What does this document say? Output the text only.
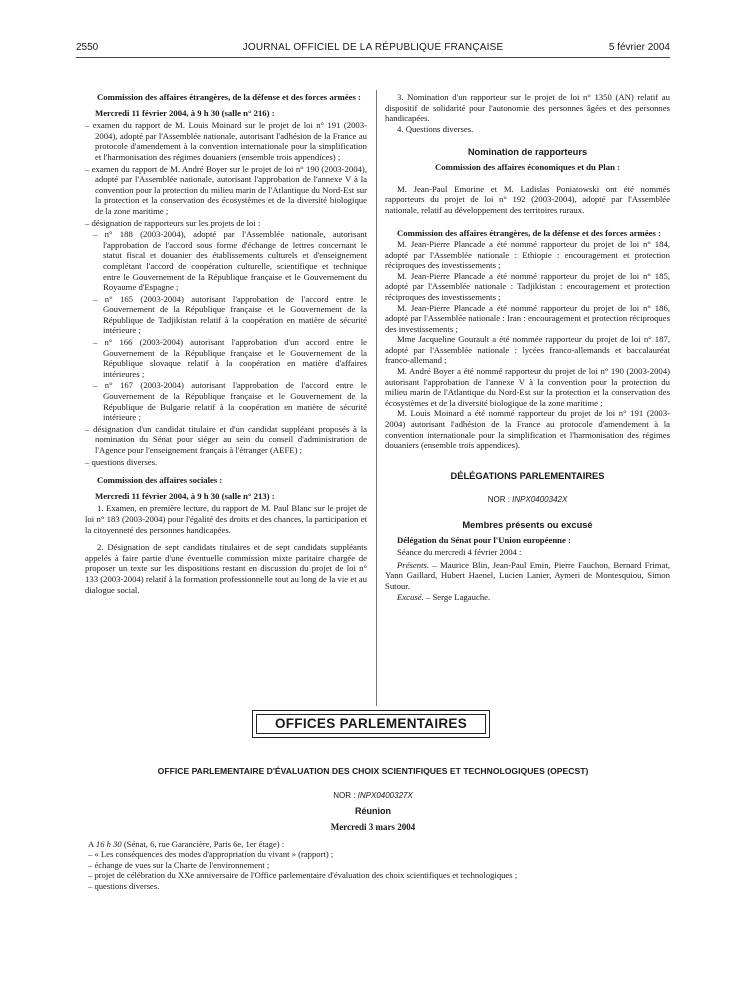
2550	JOURNAL OFFICIEL DE LA RÉPUBLIQUE FRANÇAISE	5 février 2004

Commission des affaires étrangères, de la défense et des forces armées :

Mercredi 11 février 2004, à 9 h 30 (salle n° 216) :

– examen du rapport de M. Louis Moinard sur le projet de loi n° 191 (2003-2004), adopté par l'Assemblée nationale, autorisant l'adhésion de la France au protocole d'amendement à la convention internationale pour la simplification et l'harmonisation des régimes douaniers (ensemble trois appendices) ;

– examen du rapport de M. André Boyer sur le projet de loi n° 190 (2003-2004), adopté par l'Assemblée nationale, autorisant l'approbation de l'annexe V à la convention pour la protection du milieu marin de l'Atlantique du Nord-Est sur la protection et la conservation des écosystèmes et de la diversité biologique de la zone maritime ;

– désignation de rapporteurs sur les projets de loi :

– n° 188 (2003-2004), adopté par l'Assemblée nationale, autorisant l'approbation de l'accord sous forme d'échange de lettres concernant le statut fiscal et douanier des établissements culturels et d'enseignement complétant l'accord de coopération culturelle, scientifique et technique entre le Gouvernement de la République française et le Gouvernement du Royaume d'Espagne ;

– n° 165 (2003-2004) autorisant l'approbation de l'accord entre le Gouvernement de la République française et le Gouvernement de la République de Tadjikistan relatif à la coopération en matière de sécurité intérieure ;

– n° 166 (2003-2004) autorisant l'approbation d'un accord entre le Gouvernement de la République française et le Gouvernement de la République slovaque relatif à la coopération en matière d'affaires intérieures ;

– n° 167 (2003-2004) autorisant l'approbation de l'accord entre le Gouvernement de la République française et le Gouvernement de la République de Bulgarie relatif à la coopération en matière de sécurité intérieure ;

– désignation d'un candidat titulaire et d'un candidat suppléant proposés à la nomination du Sénat pour siéger au sein du conseil d'administration de l'Agence pour l'enseignement français à l'étranger (AEFE) ;

– questions diverses.

Commission des affaires sociales :

Mercredi 11 février 2004, à 9 h 30 (salle n° 213) :

1. Examen, en première lecture, du rapport de M. Paul Blanc sur le projet de loi n° 183 (2003-2004) pour l'égalité des droits et des chances, la participation et la citoyenneté des personnes handicapées.

2. Désignation de sept candidats titulaires et de sept candidats suppléants appelés à faire partie d'une éventuelle commission mixte paritaire chargée de proposer un texte sur les dispositions restant en discussion du projet de loi n° 133 (2003-2004) relatif à la formation professionnelle tout au long de la vie et au dialogue social.

3. Nomination d'un rapporteur sur le projet de loi n° 1350 (AN) relatif au dispositif de solidarité pour l'autonomie des personnes âgées et des personnes handicapées.

4. Questions diverses.

Nomination de rapporteurs

Commission des affaires économiques et du Plan :

M. Jean-Paul Emorine et M. Ladislas Poniatowski ont été nommés rapporteurs du projet de loi n° 192 (2003-2004), adopté par l'Assemblée nationale, relatif au développement des territoires ruraux.

Commission des affaires étrangères, de la défense et des forces armées :

M. Jean-Pierre Plancade a été nommé rapporteur du projet de loi n° 184, adopté par l'Assemblée nationale : Ethiopie : encouragement et protection réciproques des investissements ;

M. Jean-Pierre Plancade a été nommé rapporteur du projet de loi n° 185, adopté par l'Assemblée nationale : Tadjikistan : encouragement et protection réciproques des investissements ;

M. Jean-Pierre Plancade a été nommé rapporteur du projet de loi n° 186, adopté par l'Assemblée nationale : Iran : encouragement et protection réciproques des investissements ;

Mme Jacqueline Gourault a été nommée rapporteur du projet de loi n° 187, adopté par l'Assemblée nationale : lycées franco-allemands et baccalauréat franco-allemand ;

M. André Boyer a été nommé rapporteur du projet de loi n° 190 (2003-2004) autorisant l'approbation de l'annexe V à la convention pour la protection du milieu marin de l'Atlantique du Nord-Est sur la protection et la conservation des écosystèmes et de la diversité biologique de la zone maritime ;

M. Louis Moinard a été nommé rapporteur du projet de loi n° 191 (2003-2004) autorisant l'adhésion de la France au protocole d'amendement à la convention internationale pour la simplification et l'harmonisation des régimes douaniers (ensemble trois appendices).

DÉLÉGATIONS PARLEMENTAIRES

NOR : INPX0400342X

Membres présents ou excusé

Délégation du Sénat pour l'Union européenne :

Séance du mercredi 4 février 2004 :

Présents. – Maurice Blin, Jean-Paul Emin, Pierre Fauchon, Bernard Frimat, Yann Gaillard, Hubert Haenel, Lucien Lanier, Aymeri de Montesquiou, Simon Sutour.

Excusé. – Serge Lagauche.

OFFICES PARLEMENTAIRES
OFFICE PARLEMENTAIRE D'ÉVALUATION DES CHOIX SCIENTIFIQUES ET TECHNOLOGIQUES (OPECST)
NOR : INPX0400327X
Réunion
Mercredi 3 mars 2004

A 16 h 30 (Sénat, 6, rue Garancière, Paris 6e, 1er étage) :

– « Les conséquences des modes d'appropriation du vivant » (rapport) ;

– échange de vues sur la Charte de l'environnement ;

– projet de célébration du XXe anniversaire de l'Office parlementaire d'évaluation des choix scientifiques et technologiques ;

– questions diverses.
